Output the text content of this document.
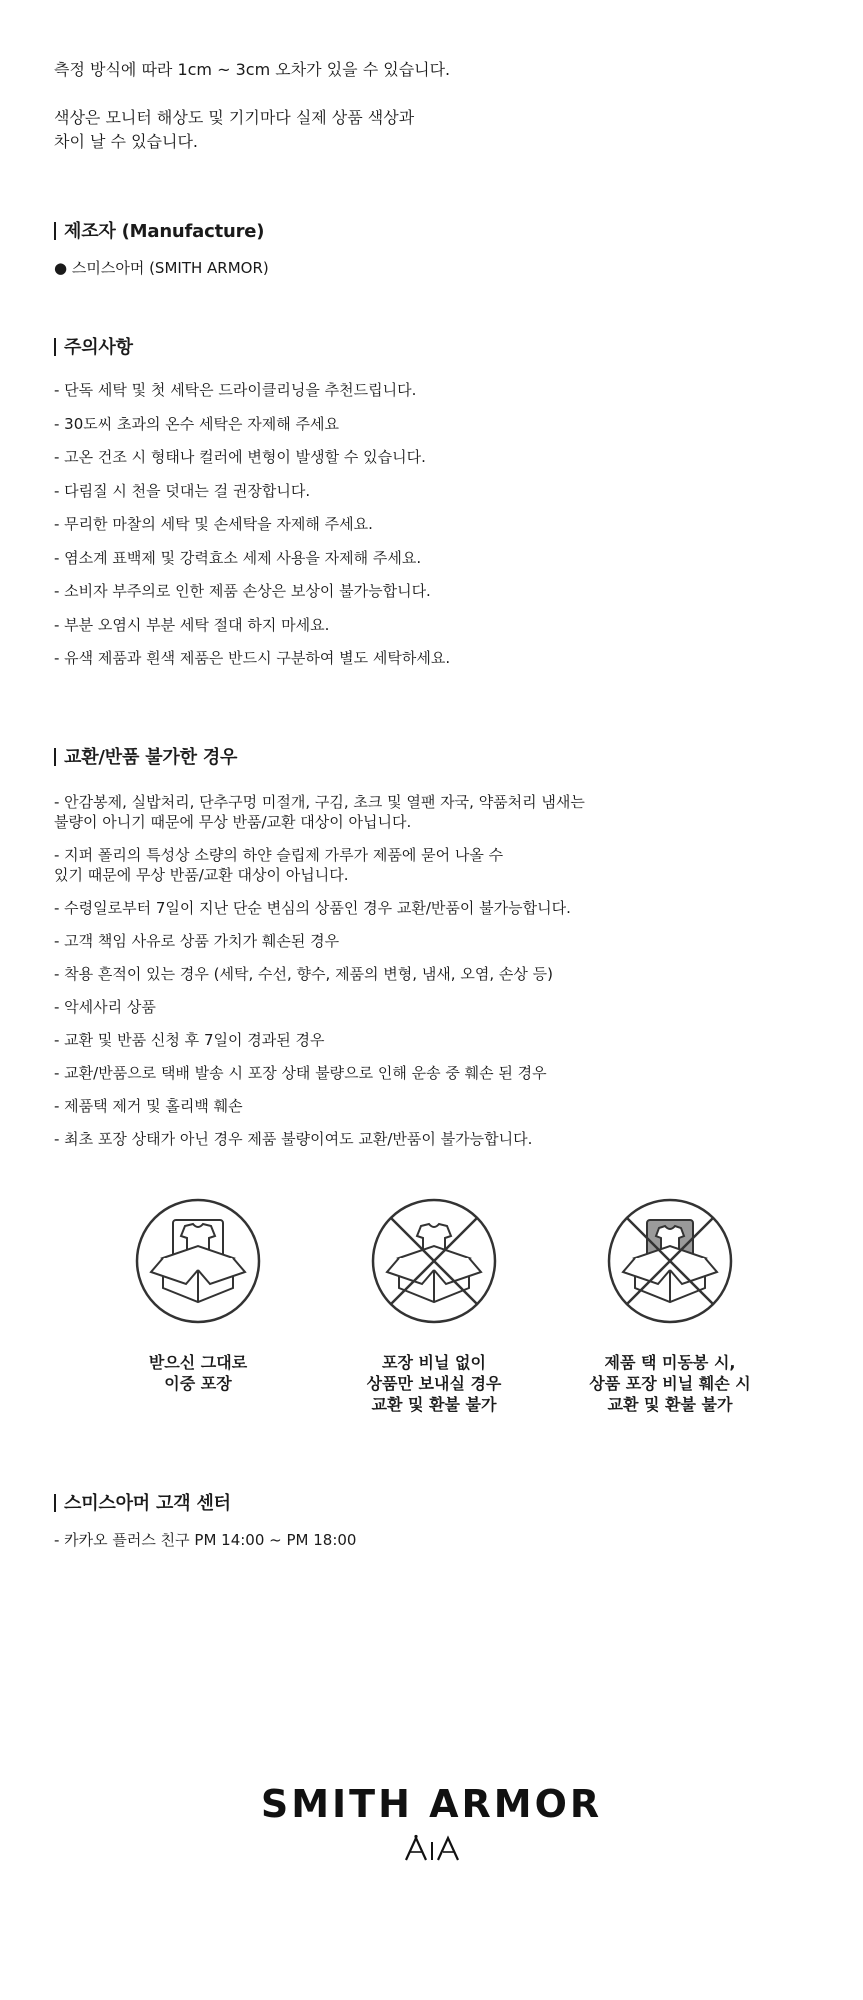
측정 방식에 따라 1cm ~ 3cm 오차가 있을 수 있습니다.

색상은 모니터 해상도 및 기기마다 실제 상품 색상과
차이 날 수 있습니다.

제조자 (Manufacture)

● 스미스아머 (SMITH ARMOR)

주의사항
- 단독 세탁 및 첫 세탁은 드라이클리닝을 추천드립니다.
- 30도씨 초과의 온수 세탁은 자제해 주세요
- 고온 건조 시 형태나 컬러에 변형이 발생할 수 있습니다.
- 다림질 시 천을 덧대는 걸 권장합니다.
- 무리한 마찰의 세탁 및 손세탁을 자제해 주세요.
- 염소계 표백제 및 강력효소 세제 사용을 자제해 주세요.
- 소비자 부주의로 인한 제품 손상은 보상이 불가능합니다.
- 부분 오염시 부분 세탁 절대 하지 마세요.
- 유색 제품과 흰색 제품은 반드시 구분하여 별도 세탁하세요.
교환/반품 불가한 경우
- 안감봉제, 실밥처리, 단추구멍 미절개, 구김, 초크 및 열팬 자국, 약품처리 냄새는
불량이 아니기 때문에 무상 반품/교환 대상이 아닙니다.
- 지퍼 폴리의 특성상 소량의 하얀 슬립제 가루가 제품에 묻어 나올 수
있기 때문에 무상 반품/교환 대상이 아닙니다.
- 수령일로부터 7일이 지난 단순 변심의 상품인 경우 교환/반품이 불가능합니다.
- 고객 책임 사유로 상품 가치가 훼손된 경우
- 착용 흔적이 있는 경우 (세탁, 수선, 향수, 제품의 변형, 냄새, 오염, 손상 등)
- 악세사리 상품
- 교환 및 반품 신청 후 7일이 경과된 경우
- 교환/반품으로 택배 발송 시 포장 상태 불량으로 인해 운송 중 훼손 된 경우
- 제품택 제거 및 홀리백 훼손
- 최초 포장 상태가 아닌 경우 제품 불량이여도 교환/반품이 불가능합니다.
받으신 그대로
이중 포장
포장 비닐 없이
상품만 보내실 경우
교환 및 환불 불가
제품 택 미동봉 시,
상품 포장 비닐 훼손 시
교환 및 환불 불가
스미스아머 고객 센터

- 카카오 플러스 친구 PM 14:00 ~ PM 18:00

SMITH ARMOR
